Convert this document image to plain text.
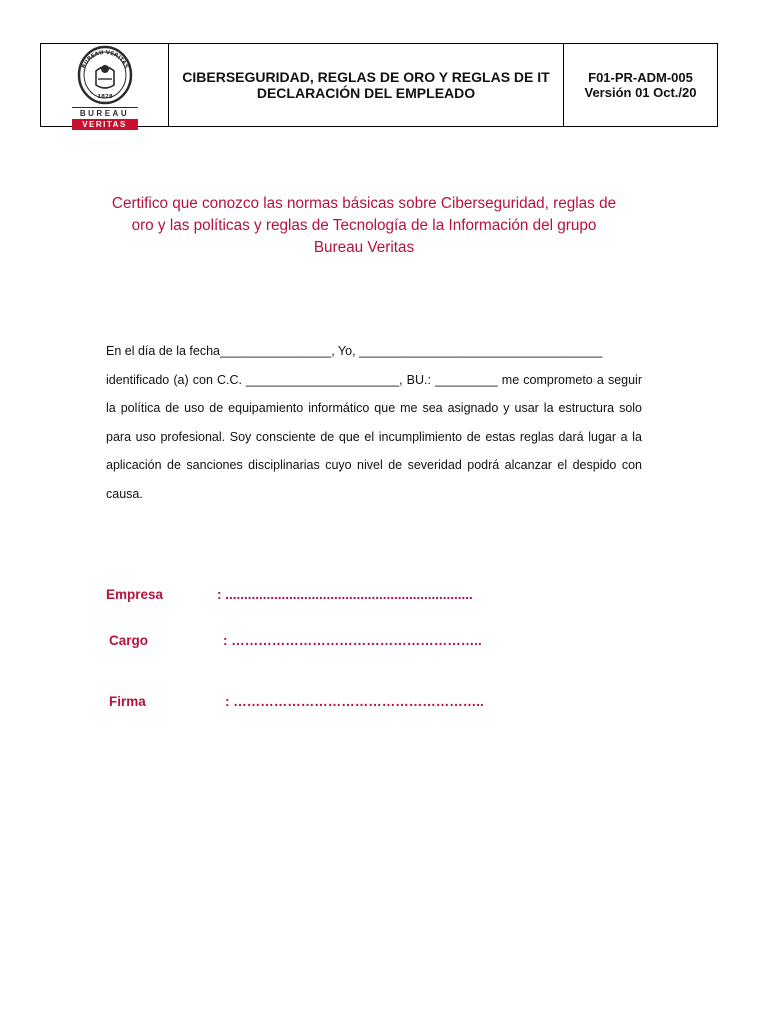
BUREAU VERITAS
1828
BUREAU
VERITAS
CIBERSEGURIDAD, REGLAS DE ORO Y REGLAS DE IT
DECLARACIÓN DEL EMPLEADO
F01-PR-ADM-005
Versión 01 Oct./20
Certifico que conozco las normas básicas sobre Ciberseguridad, reglas de oro y las políticas y reglas de Tecnología de la Información del grupo Bureau Veritas
En el día de la fecha________________, Yo, ___________________________________

identificado (a) con C.C. ______________________, BU.: _________ me comprometo a seguir la política de uso de equipamiento informático que me sea asignado y usar la estructura solo para uso profesional. Soy consciente de que el incumplimiento de estas reglas dará lugar a la aplicación de sanciones disciplinarias cuyo nivel de severidad podrá alcanzar el despido con causa.

Empresa	: ..................................................................
Cargo	: ………………………………………………..
Firma	: ………………………………………………..
